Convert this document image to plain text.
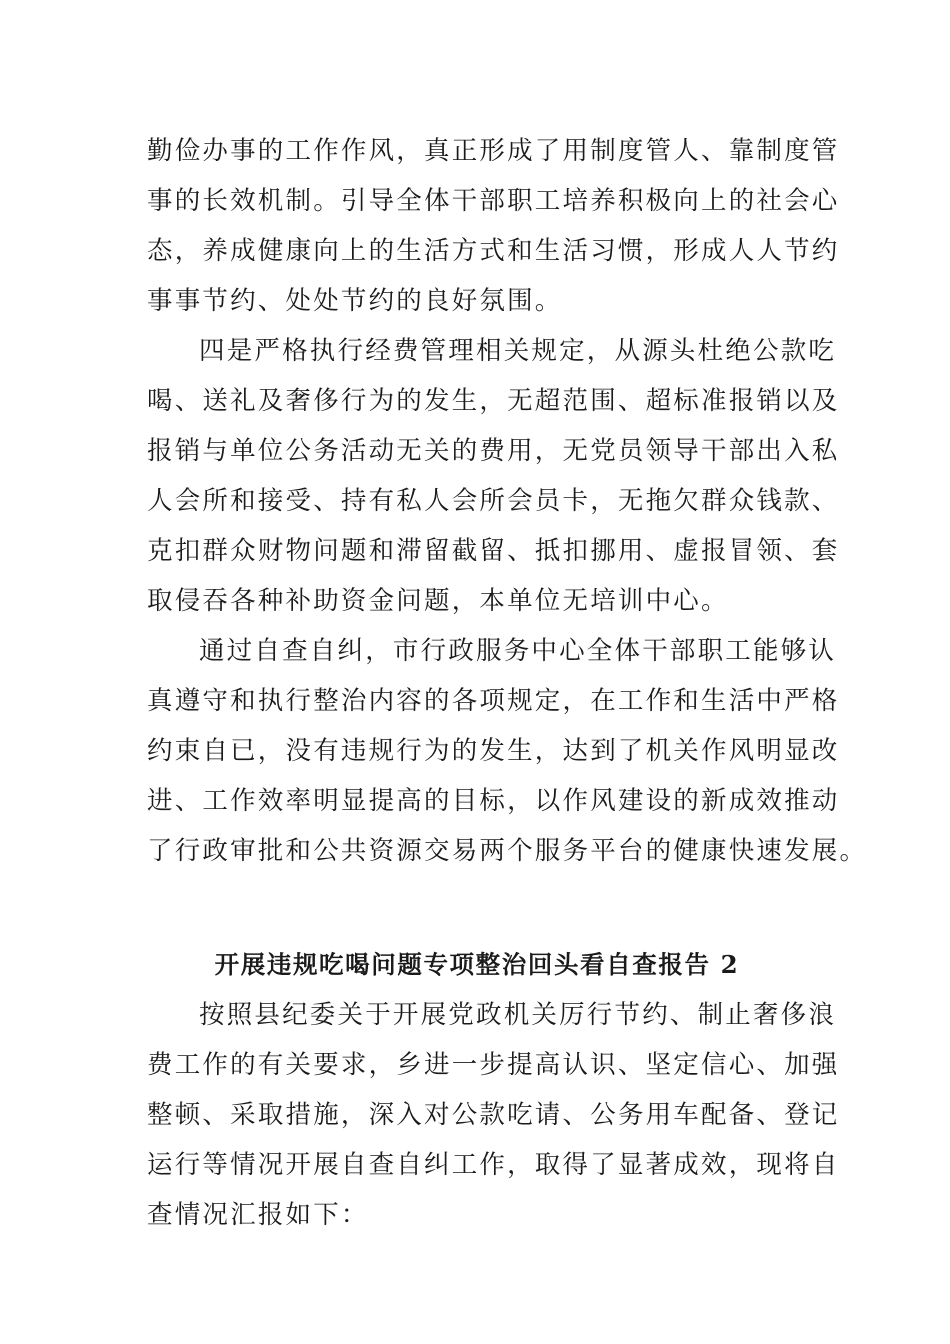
勤俭办事的工作作风，真正形成了用制度管人、靠制度管
事的长效机制。引导全体干部职工培养积极向上的社会心
态，养成健康向上的生活方式和生活习惯，形成人人节约
事事节约、处处节约的良好氛围。
四是严格执行经费管理相关规定，从源头杜绝公款吃
喝、送礼及奢侈行为的发生，无超范围、超标准报销以及
报销与单位公务活动无关的费用，无党员领导干部出入私
人会所和接受、持有私人会所会员卡，无拖欠群众钱款、
克扣群众财物问题和滞留截留、抵扣挪用、虚报冒领、套
取侵吞各种补助资金问题，本单位无培训中心。
通过自查自纠，市行政服务中心全体干部职工能够认
真遵守和执行整治内容的各项规定，在工作和生活中严格
约束自已，没有违规行为的发生，达到了机关作风明显改
进、工作效率明显提高的目标，以作风建设的新成效推动
了行政审批和公共资源交易两个服务平台的健康快速发展。
开展违规吃喝问题专项整治回头看自查报告 2
按照县纪委关于开展党政机关厉行节约、制止奢侈浪
费工作的有关要求，乡进一步提高认识、坚定信心、加强
整顿、采取措施，深入对公款吃请、公务用车配备、登记
运行等情况开展自查自纠工作，取得了显著成效，现将自
查情况汇报如下：
